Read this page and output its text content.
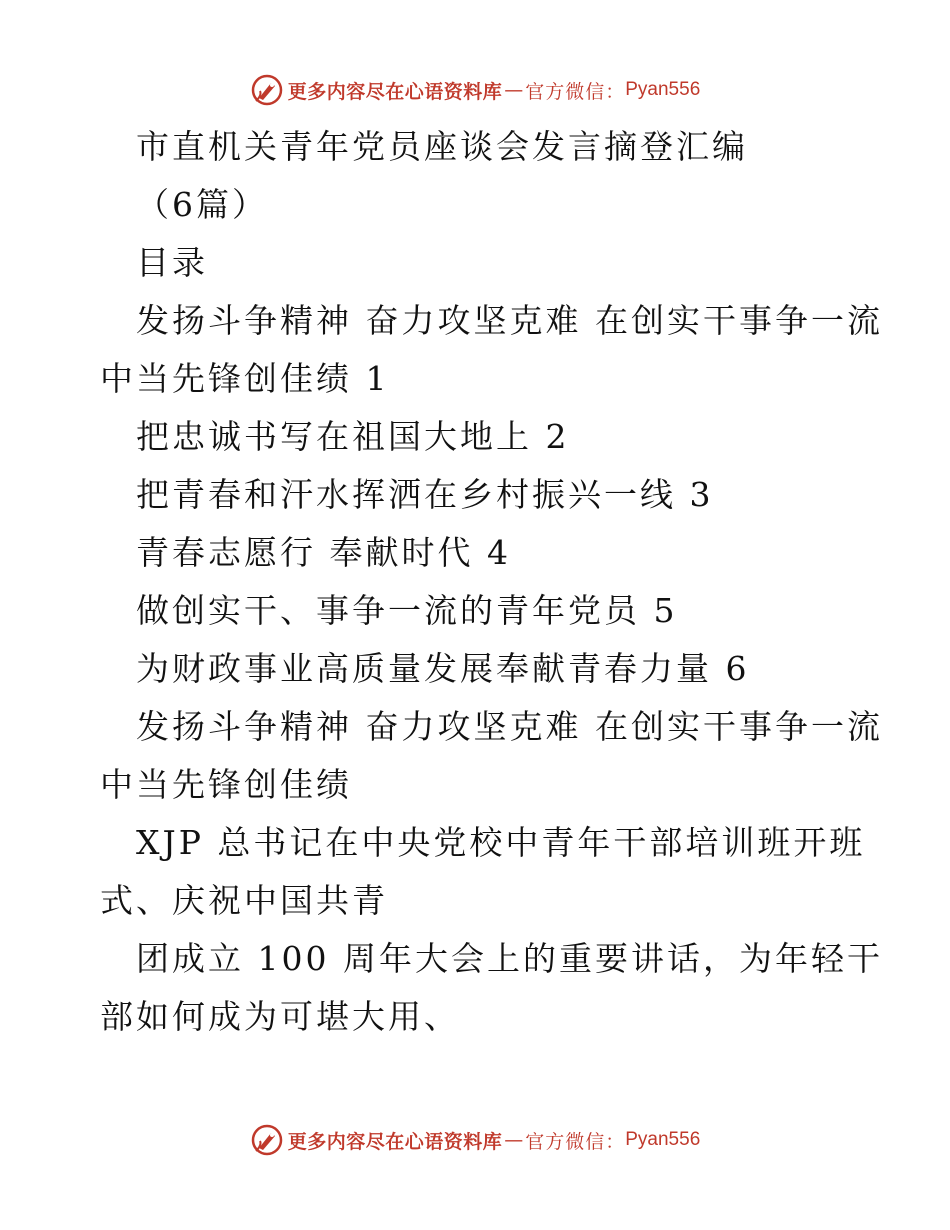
更多内容尽在心语资料库 — 官方微信： Pyan556
市直机关青年党员座谈会发言摘登汇编
（6篇）
目录
发扬斗争精神 奋力攻坚克难 在创实干事争一流
中当先锋创佳绩 1
把忠诚书写在祖国大地上 2
把青春和汗水挥洒在乡村振兴一线 3
青春志愿行 奉献时代 4
做创实干、事争一流的青年党员 5
为财政事业高质量发展奉献青春力量 6
发扬斗争精神 奋力攻坚克难 在创实干事争一流
中当先锋创佳绩
XJP 总书记在中央党校中青年干部培训班开班
式、庆祝中国共青
团成立 100 周年大会上的重要讲话，为年轻干
部如何成为可堪大用、
更多内容尽在心语资料库 — 官方微信： Pyan556
